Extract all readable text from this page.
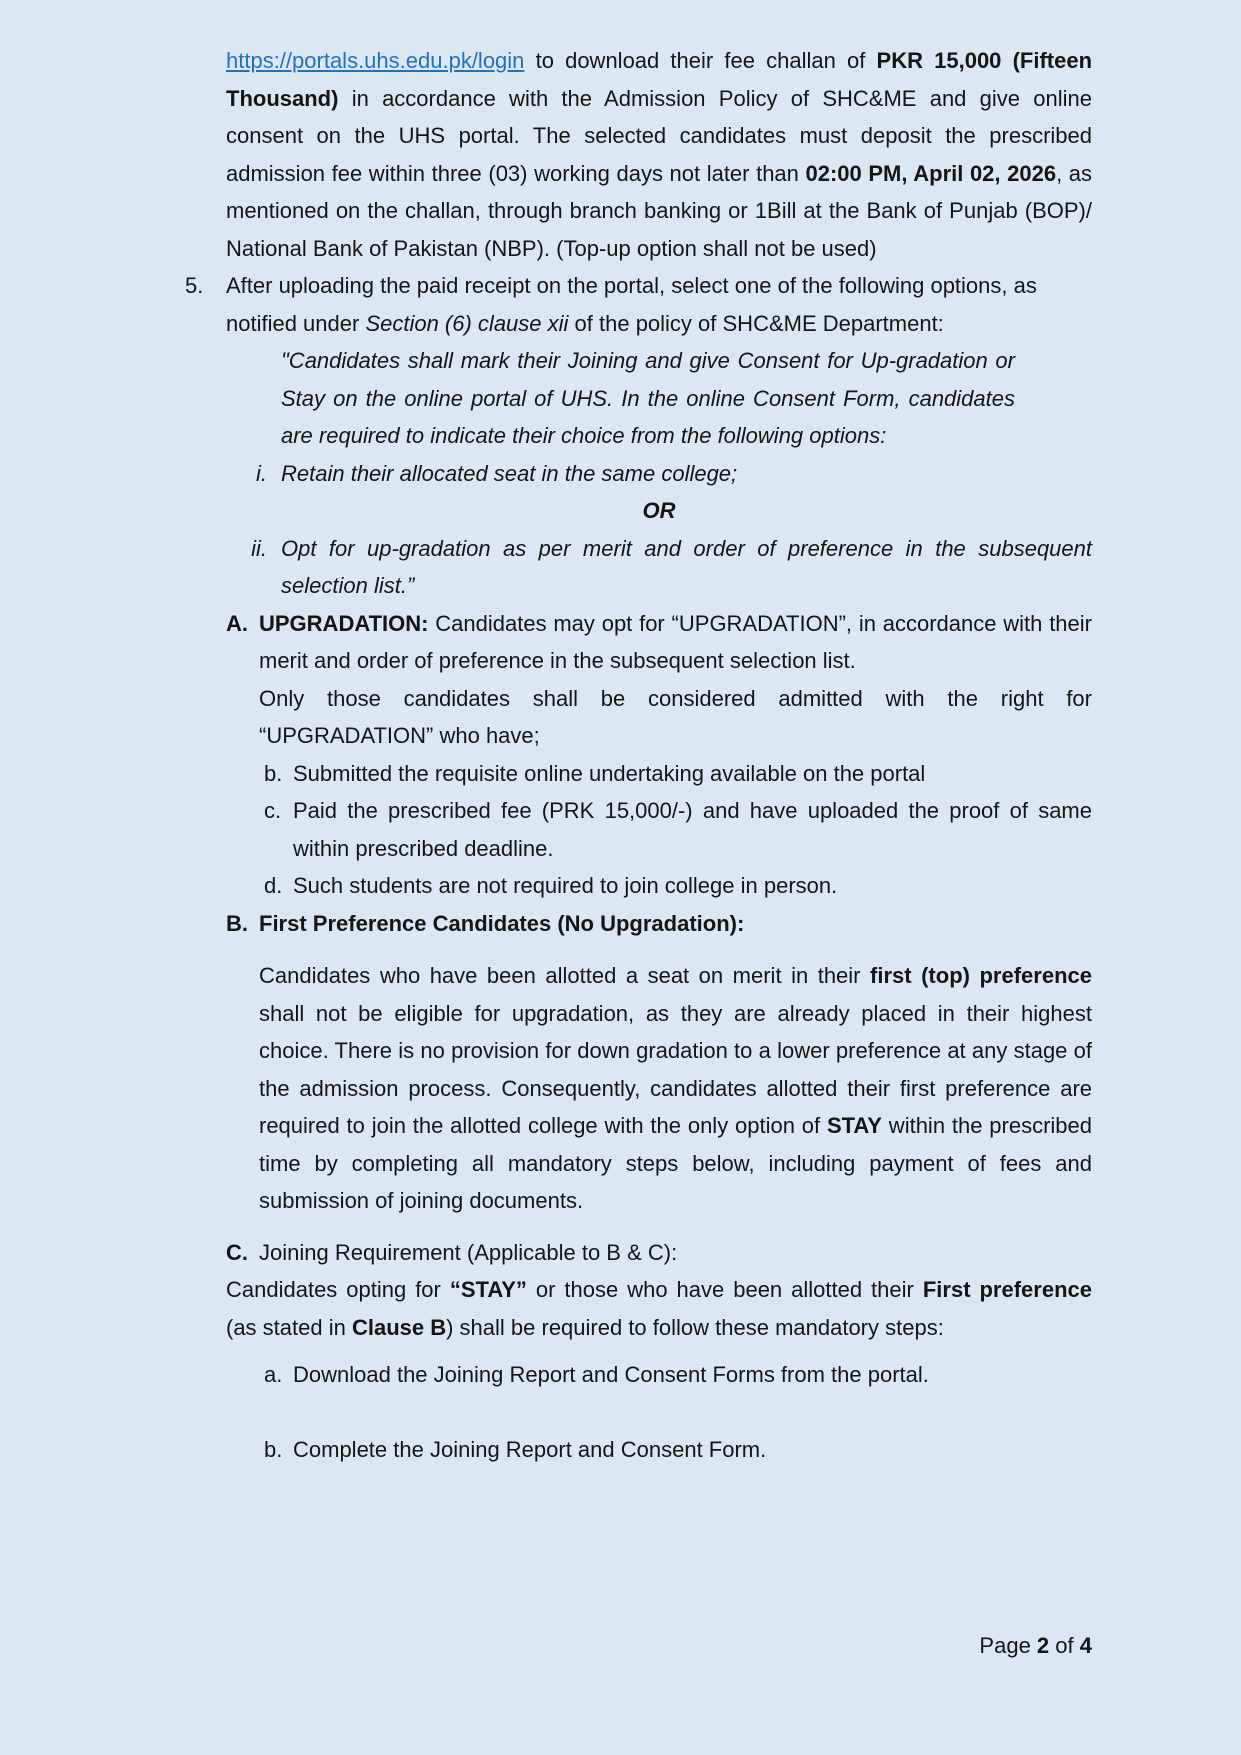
https://portals.uhs.edu.pk/login to download their fee challan of PKR 15,000 (Fifteen Thousand) in accordance with the Admission Policy of SHC&ME and give online consent on the UHS portal. The selected candidates must deposit the prescribed admission fee within three (03) working days not later than 02:00 PM, April 02, 2026, as mentioned on the challan, through branch banking or 1Bill at the Bank of Punjab (BOP)/ National Bank of Pakistan (NBP). (Top-up option shall not be used)

5.	After uploading the paid receipt on the portal, select one of the following options, as notified under Section (6) clause xii of the policy of SHC&ME Department:
"Candidates shall mark their Joining and give Consent for Up-gradation or Stay on the online portal of UHS. In the online Consent Form, candidates are required to indicate their choice from the following options:
i. Retain their allocated seat in the same college;
OR
ii. Opt for up-gradation as per merit and order of preference in the subsequent selection list.”
A. UPGRADATION: Candidates may opt for “UPGRADATION”, in accordance with their merit and order of preference in the subsequent selection list.
Only those candidates shall be considered admitted with the right for “UPGRADATION” who have;
b. Submitted the requisite online undertaking available on the portal
c. Paid the prescribed fee (PRK 15,000/-) and have uploaded the proof of same within prescribed deadline.
d. Such students are not required to join college in person.
B. First Preference Candidates (No Upgradation):
Candidates who have been allotted a seat on merit in their first (top) preference shall not be eligible for upgradation, as they are already placed in their highest choice. There is no provision for down gradation to a lower preference at any stage of the admission process. Consequently, candidates allotted their first preference are required to join the allotted college with the only option of STAY within the prescribed time by completing all mandatory steps below, including payment of fees and submission of joining documents.
C. Joining Requirement (Applicable to B & C):
Candidates opting for “STAY” or those who have been allotted their First preference (as stated in Clause B) shall be required to follow these mandatory steps:
a. Download the Joining Report and Consent Forms from the portal.
b. Complete the Joining Report and Consent Form.
Page 2 of 4
